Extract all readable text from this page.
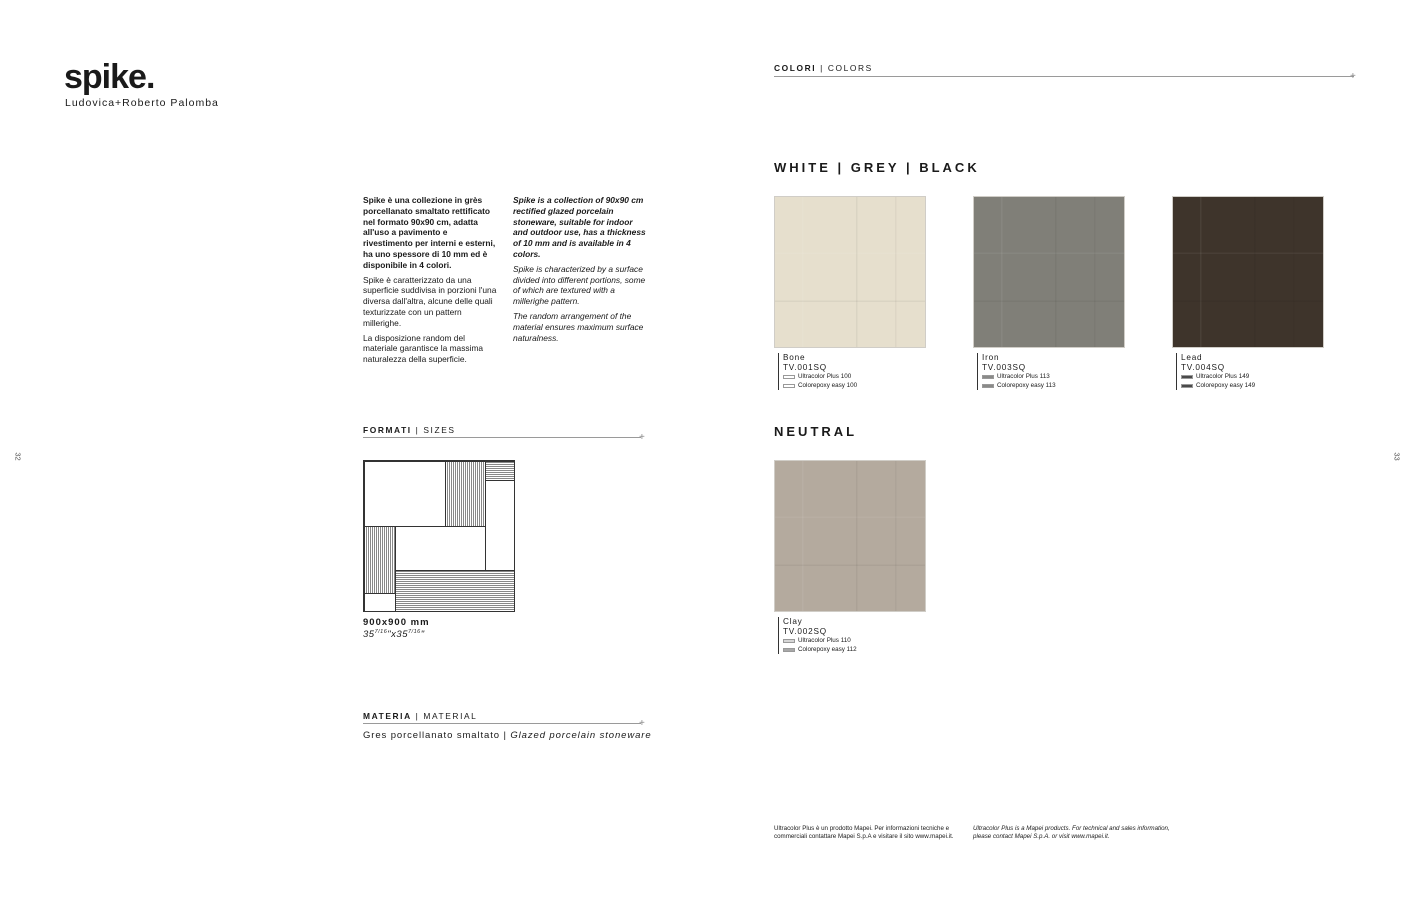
spike.
Ludovica+Roberto Palomba

Spike è una collezione in grès porcellanato smaltato rettificato nel formato 90x90 cm, adatta all'uso a pavimento e rivestimento per interni e esterni, ha uno spessore di 10 mm ed è disponibile in 4 colori.

Spike è caratterizzato da una superficie suddivisa in porzioni l'una diversa dall'altra, alcune delle quali texturizzate con un pattern millerighe.

La disposizione random del materiale garantisce la massima naturalezza della superficie.

Spike is a collection of 90x90 cm rectified glazed porcelain stoneware, suitable for indoor and outdoor use, has a thickness of 10 mm and is available in 4 colors.

Spike is characterized by a surface divided into different portions, some of which are textured with a millerighe pattern.

The random arrangement of the material ensures maximum surface naturalness.

FORMATI | SIZES
+
900x900 mm
$35^{7/16}"x35^{7/16}$"
MATERIA | MATERIAL
+
Gres porcellanato smaltato | Glazed porcelain stoneware
32	33
COLORI | COLORS
+
WHITE | GREY | BLACK
NEUTRAL
Bone
TV.001SQ
Ultracolor Plus 100
Colorepoxy easy 100
Iron
TV.003SQ
Ultracolor Plus 113
Colorepoxy easy 113
Lead
TV.004SQ
Ultracolor Plus 149
Colorepoxy easy 149
Clay
TV.002SQ
Ultracolor Plus 110
Colorepoxy easy 112
Ultracolor Plus è un prodotto Mapei. Per informazioni tecniche e commerciali contattare Mapei S.p.A e visitare il sito www.mapei.it.
Ultracolor Plus is a Mapei products. For technical and sales information, please contact Mapei S.p.A. or visit www.mapei.it.
